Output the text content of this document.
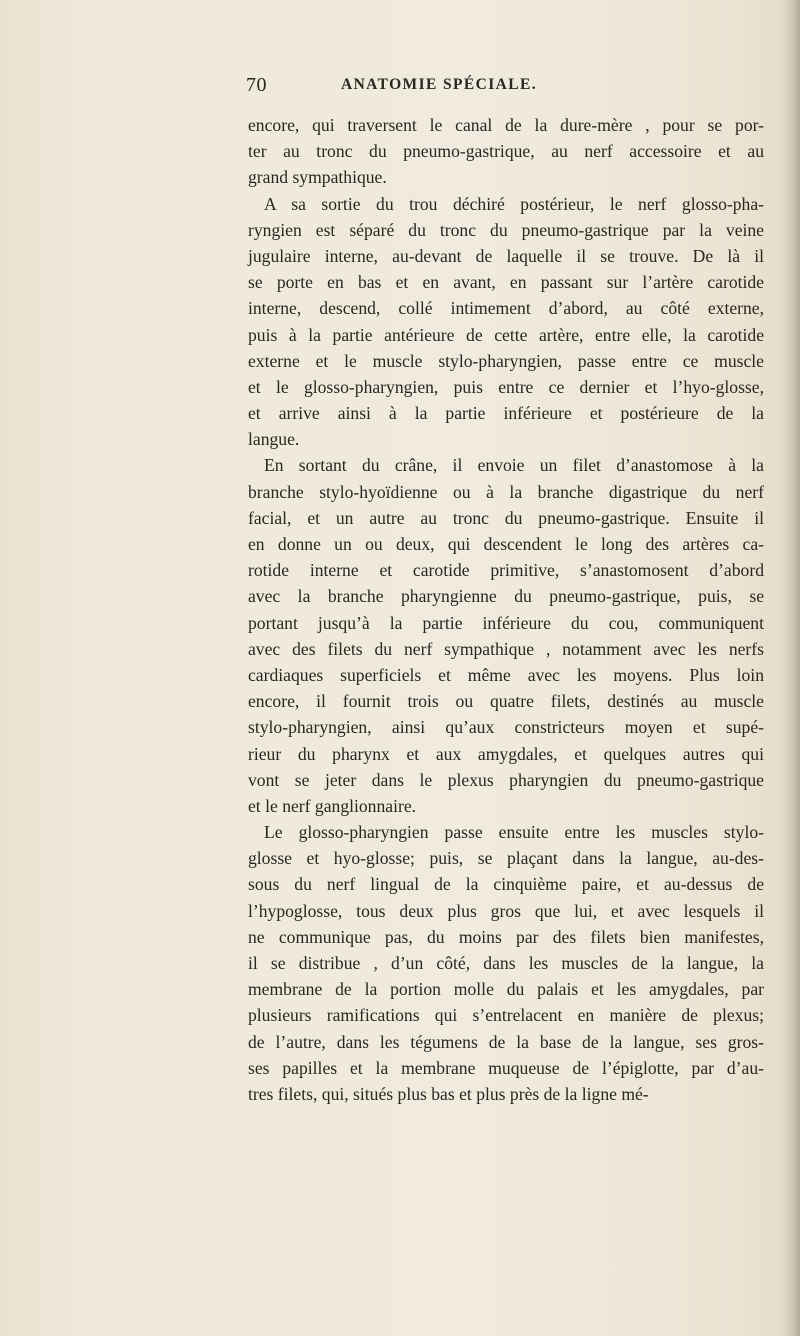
70	ANATOMIE SPÉCIALE.
encore, qui traversent le canal de la dure-mère , pour se por-
ter au tronc du pneumo-gastrique, au nerf accessoire et au
grand sympathique.
A sa sortie du trou déchiré postérieur, le nerf glosso-pha-
ryngien est séparé du tronc du pneumo-gastrique par la veine
jugulaire interne, au-devant de laquelle il se trouve. De là il
se porte en bas et en avant, en passant sur l’artère carotide
interne, descend, collé intimement d’abord, au côté externe,
puis à la partie antérieure de cette artère, entre elle, la carotide
externe et le muscle stylo-pharyngien, passe entre ce muscle
et le glosso-pharyngien, puis entre ce dernier et l’hyo-glosse,
et arrive ainsi à la partie inférieure et postérieure de la
langue.
En sortant du crâne, il envoie un filet d’anastomose à la
branche stylo-hyoïdienne ou à la branche digastrique du nerf
facial, et un autre au tronc du pneumo-gastrique. Ensuite il
en donne un ou deux, qui descendent le long des artères ca-
rotide interne et carotide primitive, s’anastomosent d’abord
avec la branche pharyngienne du pneumo-gastrique, puis, se
portant jusqu’à la partie inférieure du cou, communiquent
avec des filets du nerf sympathique , notamment avec les nerfs
cardiaques superficiels et même avec les moyens. Plus loin
encore, il fournit trois ou quatre filets, destinés au muscle
stylo-pharyngien, ainsi qu’aux constricteurs moyen et supé-
rieur du pharynx et aux amygdales, et quelques autres qui
vont se jeter dans le plexus pharyngien du pneumo-gastrique
et le nerf ganglionnaire.
Le glosso-pharyngien passe ensuite entre les muscles stylo-
glosse et hyo-glosse; puis, se plaçant dans la langue, au-des-
sous du nerf lingual de la cinquième paire, et au-dessus de
l’hypoglosse, tous deux plus gros que lui, et avec lesquels il
ne communique pas, du moins par des filets bien manifestes,
il se distribue , d’un côté, dans les muscles de la langue, la
membrane de la portion molle du palais et les amygdales, par
plusieurs ramifications qui s’entrelacent en manière de plexus;
de l’autre, dans les tégumens de la base de la langue, ses gros-
ses papilles et la membrane muqueuse de l’épiglotte, par d’au-
tres filets, qui, situés plus bas et plus près de la ligne mé-
